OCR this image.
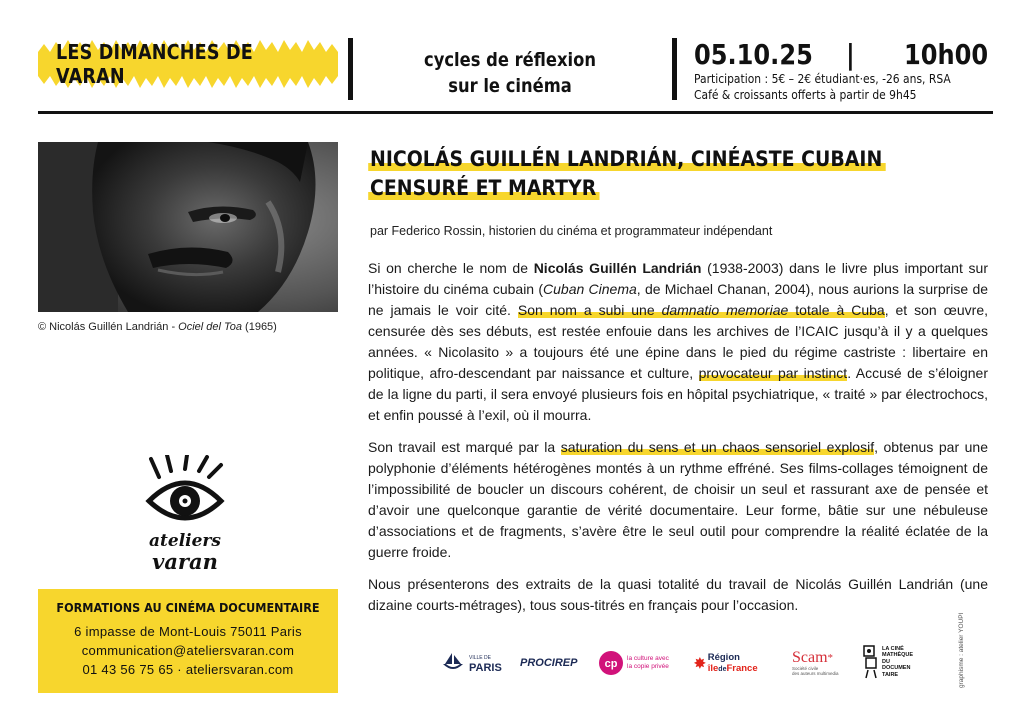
LES DIMANCHES DE VARAN
cycles de réflexion
sur le cinéma
05.10.25 | 10h00
Participation : 5€ – 2€ étudiant·es, -26 ans, RSA
Café & croissants offerts à partir de 9h45
© Nicolás Guillén Landrián - Ociel del Toa (1965)
ateliers
varan
FORMATIONS AU CINÉMA DOCUMENTAIRE
6 impasse de Mont-Louis 75011 Paris
communication@ateliersvaran.com
01 43 56 75 65 · ateliersvaran.com
NICOLÁS GUILLÉN LANDRIÁN, CINÉASTE CUBAIN
CENSURÉ ET MARTYR
par Federico Rossin, historien du cinéma et programmateur indépendant
Si on cherche le nom de Nicolás Guillén Landrián (1938-2003) dans le livre plus important sur l’histoire du cinéma cubain (Cuban Cinema, de Michael Chanan, 2004), nous aurions la surprise de ne jamais le voir cité. Son nom a subi une damnatio memoriae totale à Cuba, et son œuvre, censurée dès ses débuts, est restée enfouie dans les archives de l’ICAIC jusqu’à il y a quelques années. « Nicolasito » a toujours été une épine dans le pied du régime castriste : libertaire en politique, afro-descendant par naissance et culture, provocateur par instinct. Accusé de s’éloigner de la ligne du parti, il sera envoyé plusieurs fois en hôpital psychiatrique, « traité » par électrochocs, et enfin poussé à l’exil, où il mourra.
Son travail est marqué par la saturation du sens et un chaos sensoriel explosif, obtenus par une polyphonie d’éléments hétérogènes montés à un rythme effréné. Ses films-collages témoignent de l’impossibilité de boucler un discours cohérent, de choisir un seul et rassurant axe de pensée et d’avoir une quelconque garantie de vérité documentaire. Leur forme, bâtie sur une nébuleuse d’associations et de fragments, s’avère être le seul outil pour comprendre la réalité éclatée de la guerre froide.
Nous présenterons des extraits de la quasi totalité du travail de Nicolás Guillén Landrián (une dizaine courts-métrages), tous sous-titrés en français pour l’occasion.
VILLE DE
PARIS PROCIREP cp la culture avec
la copie privée ✸ Région
îledeFrance
Scam*
Société civile
des auteurs multimedia
LA CINÉ
MATHÈQUE
DU
DOCUMEN
TAIRE	graphisme : atelier YOUPI
